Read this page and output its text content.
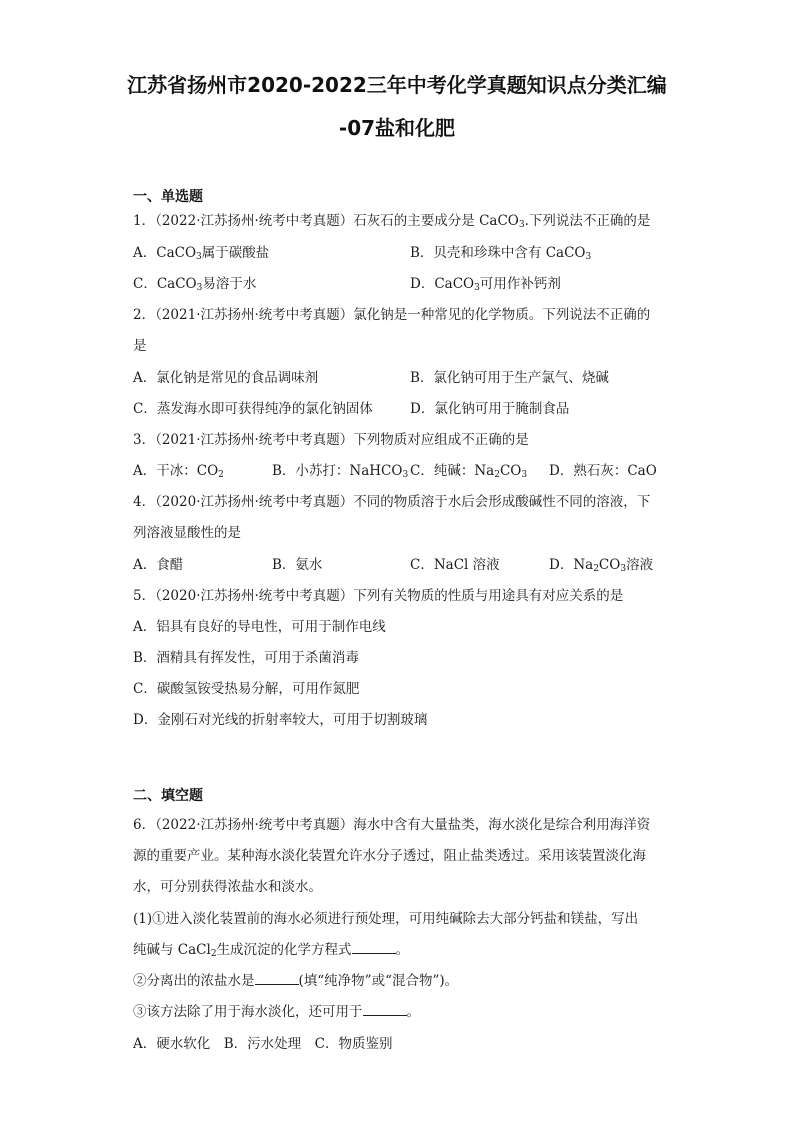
江苏省扬州市2020-2022三年中考化学真题知识点分类汇编
-07盐和化肥
一、单选题
1．（2022·江苏扬州·统考中考真题）石灰石的主要成分是 CaCO$_3$.下列说法不正确的是
A．CaCO$_3$属于碳酸盐	B．贝壳和珍珠中含有 CaCO$_3$
C．CaCO$_3$易溶于水	D．CaCO$_3$可用作补钙剂
2．（2021·江苏扬州·统考中考真题）氯化钠是一种常见的化学物质。下列说法不正确的
是
A．氯化钠是常见的食品调味剂	B．氯化钠可用于生产氯气、烧碱
C．蒸发海水即可获得纯净的氯化钠固体	D．氯化钠可用于腌制食品
3．（2021·江苏扬州·统考中考真题）下列物质对应组成不正确的是
A．干冰：$CO_2$	B．小苏打：NaHCO$_3$ C．纯碱：$Na_2CO_3$ D．熟石灰：CaO
4．（2020·江苏扬州·统考中考真题）不同的物质溶于水后会形成酸碱性不同的溶液，下
列溶液显酸性的是
A．食醋	B．氨水	C．NaCl 溶液	D．$Na_2CO_3$溶液
5．（2020·江苏扬州·统考中考真题）下列有关物质的性质与用途具有对应关系的是
A．铝具有良好的导电性，可用于制作电线
B．酒精具有挥发性，可用于杀菌消毒
C．碳酸氢铵受热易分解，可用作氮肥
D．金刚石对光线的折射率较大，可用于切割玻璃
二、填空题
6．（2022·江苏扬州·统考中考真题）海水中含有大量盐类，海水淡化是综合利用海洋资
源的重要产业。某种海水淡化装置允许水分子透过，阻止盐类透过。采用该装置淡化海
水，可分别获得浓盐水和淡水。
(1)①进入淡化装置前的海水必须进行预处理，可用纯碱除去大部分钙盐和镁盐，写出
纯碱与 CaCl$_2$生成沉淀的化学方程式	。
②分离出的浓盐水是	(填“纯净物”或“混合物”)。
③该方法除了用于海水淡化，还可用于	。
A．硬水软化　B．污水处理　C．物质鉴别
